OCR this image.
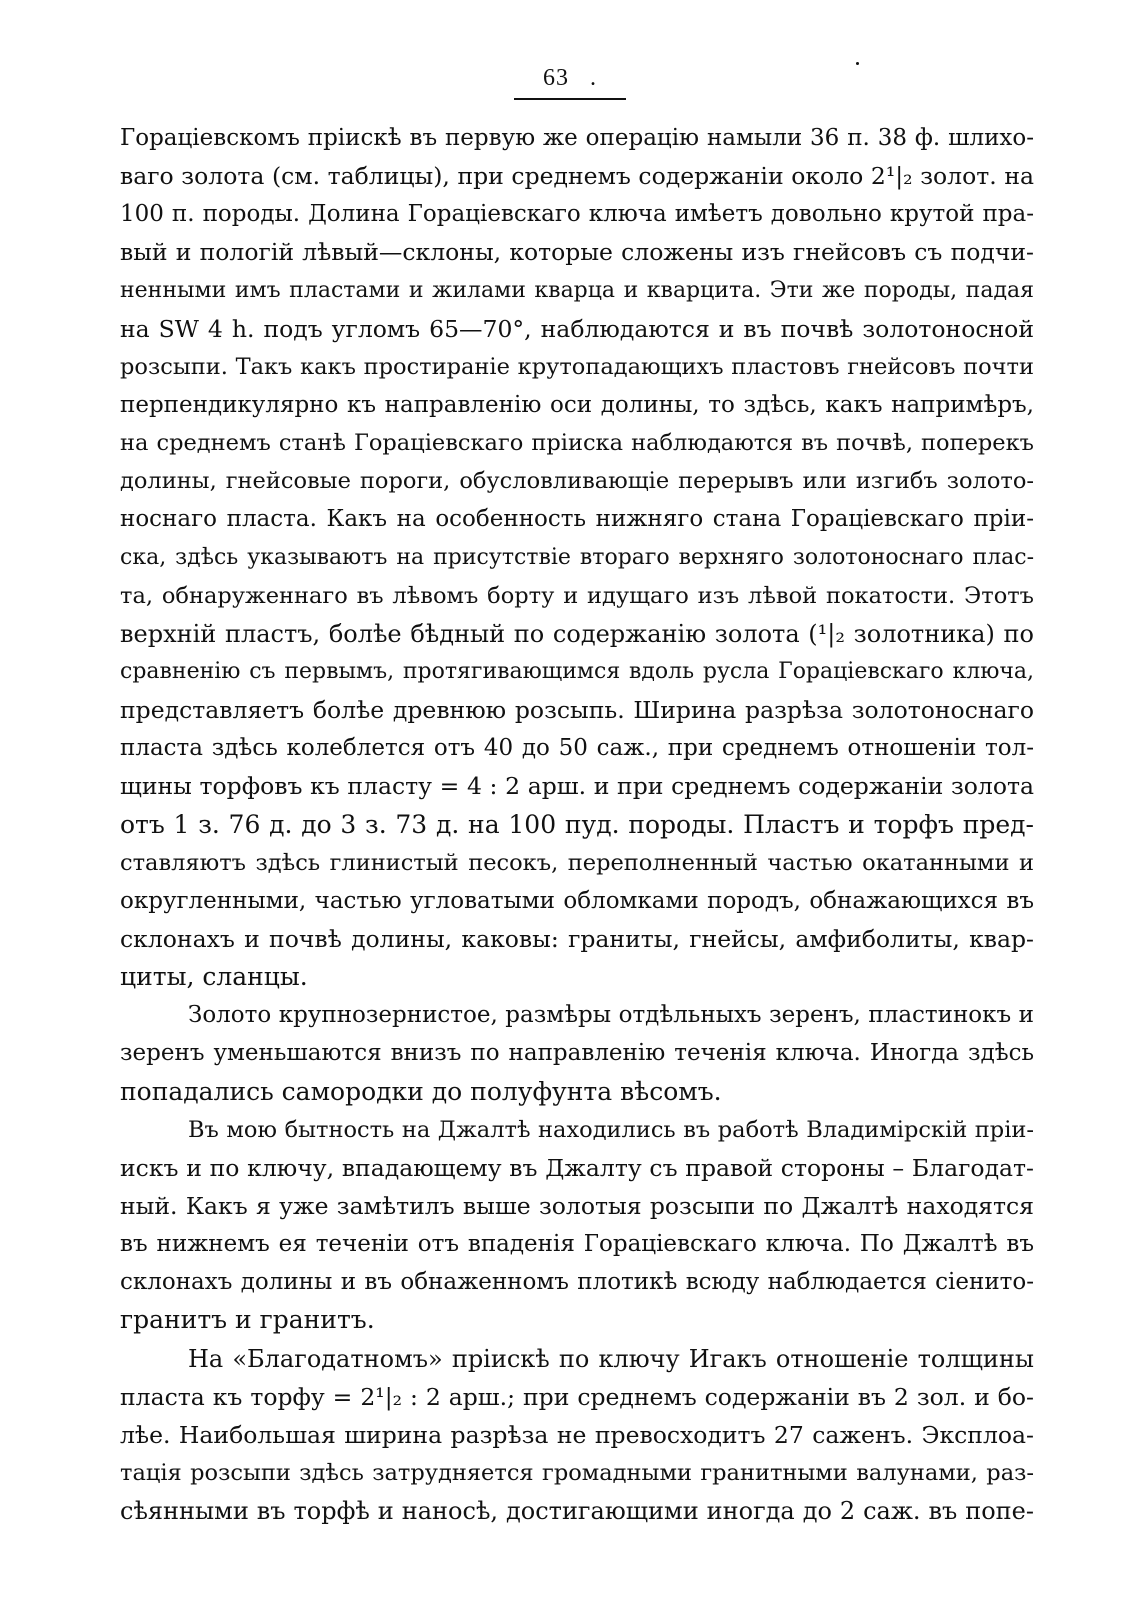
63 .
Гораціевскомъ пріискѣ въ первую же операцію намыли 36 п. 38 ф. шлихо-
ваго золота (см. таблицы), при среднемъ содержаніи около 2¹|₂ золот. на
100 п. породы. Долина Гораціевскаго ключа имѣетъ довольно крутой пра-
вый и пологій лѣвый—склоны, которые сложены изъ гнейсовъ съ подчи-
ненными имъ пластами и жилами кварца и кварцита. Эти же породы, падая
на SW 4 h. подъ угломъ 65—70°, наблюдаются и въ почвѣ золотоносной
розсыпи. Такъ какъ простираніе крутопадающихъ пластовъ гнейсовъ почти
перпендикулярно къ направленію оси долины, то здѣсь, какъ напримѣръ,
на среднемъ станѣ Гораціевскаго пріиска наблюдаются въ почвѣ, поперекъ
долины, гнейсовые пороги, обусловливающіе перерывъ или изгибъ золото-
носнаго пласта. Какъ на особенность нижняго стана Гораціевскаго пріи-
ска, здѣсь указываютъ на присутствіе втораго верхняго золотоноснаго плас-
та, обнаруженнаго въ лѣвомъ борту и идущаго изъ лѣвой покатости. Этотъ
верхній пластъ, болѣе бѣдный по содержанію золота (¹|₂ золотника) по
сравненію съ первымъ, протягивающимся вдоль русла Гораціевскаго ключа,
представляетъ болѣе древнюю розсыпь. Ширина разрѣза золотоноснаго
пласта здѣсь колеблется отъ 40 до 50 саж., при среднемъ отношеніи тол-
щины торфовъ къ пласту = 4 : 2 арш. и при среднемъ содержаніи золота
отъ 1 з. 76 д. до 3 з. 73 д. на 100 пуд. породы. Пластъ и торфъ пред-
ставляютъ здѣсь глинистый песокъ, переполненный частью окатанными и
округленными, частью угловатыми обломками породъ, обнажающихся въ
склонахъ и почвѣ долины, каковы: граниты, гнейсы, амфиболиты, квар-
циты, сланцы.
Золото крупнозернистое, размѣры отдѣльныхъ зеренъ, пластинокъ и
зеренъ уменьшаются внизъ по направленію теченія ключа. Иногда здѣсь
попадались самородки до полуфунта вѣсомъ.
Въ мою бытность на Джалтѣ находились въ работѣ Владимірскій пріи-
искъ и по ключу, впадающему въ Джалту съ правой стороны – Благодат-
ный. Какъ я уже замѣтилъ выше золотыя розсыпи по Джалтѣ находятся
въ нижнемъ ея теченіи отъ впаденія Гораціевскаго ключа. По Джалтѣ въ
склонахъ долины и въ обнаженномъ плотикѣ всюду наблюдается сіенито-
гранитъ и гранитъ.
На «Благодатномъ» пріискѣ по ключу Игакъ отношеніе толщины
пласта къ торфу = 2¹|₂ : 2 арш.; при среднемъ содержаніи въ 2 зол. и бо-
лѣе. Наибольшая ширина разрѣза не превосходитъ 27 саженъ. Эксплоа-
тація розсыпи здѣсь затрудняется громадными гранитными валунами, раз-
сѣянными въ торфѣ и наносѣ, достигающими иногда до 2 саж. въ попе-
